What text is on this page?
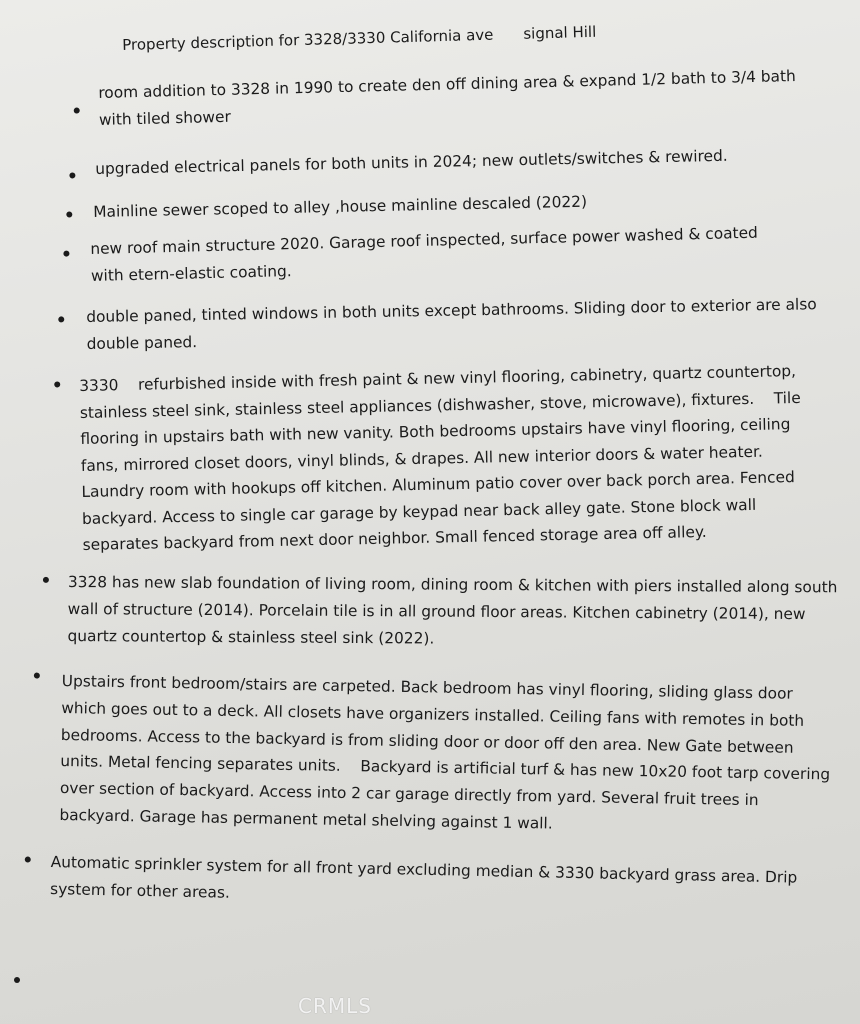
Property description for 3328/3330 California ave signal Hill
room addition to 3328 in 1990 to create den off dining area & expand 1/2 bath to 3/4 bath with tiled shower
upgraded electrical panels for both units in 2024; new outlets/switches & rewired.
Mainline sewer scoped to alley ,house mainline descaled (2022)
new roof main structure 2020. Garage roof inspected, surface power washed & coated with etern-elastic coating.
double paned, tinted windows in both units except bathrooms. Sliding door to exterior are also double paned.
3330    refurbished inside with fresh paint & new vinyl flooring, cabinetry, quartz countertop, stainless steel sink, stainless steel appliances (dishwasher, stove, microwave), fixtures.    Tile flooring in upstairs bath with new vanity. Both bedrooms upstairs have vinyl flooring, ceiling fans, mirrored closet doors, vinyl blinds, & drapes. All new interior doors & water heater. Laundry room with hookups off kitchen. Aluminum patio cover over back porch area. Fenced backyard. Access to single car garage by keypad near back alley gate. Stone block wall separates backyard from next door neighbor. Small fenced storage area off alley.
3328 has new slab foundation of living room, dining room & kitchen with piers installed along south wall of structure (2014). Porcelain tile is in all ground floor areas. Kitchen cabinetry (2014), new quartz countertop & stainless steel sink (2022).
Upstairs front bedroom/stairs are carpeted. Back bedroom has vinyl flooring, sliding glass door which goes out to a deck. All closets have organizers installed. Ceiling fans with remotes in both bedrooms. Access to the backyard is from sliding door or door off den area. New Gate between units. Metal fencing separates units.    Backyard is artificial turf & has new 10x20 foot tarp covering over section of backyard. Access into 2 car garage directly from yard. Several fruit trees in backyard. Garage has permanent metal shelving against 1 wall.
Automatic sprinkler system for all front yard excluding median & 3330 backyard grass area. Drip system for other areas.
CRMLS
